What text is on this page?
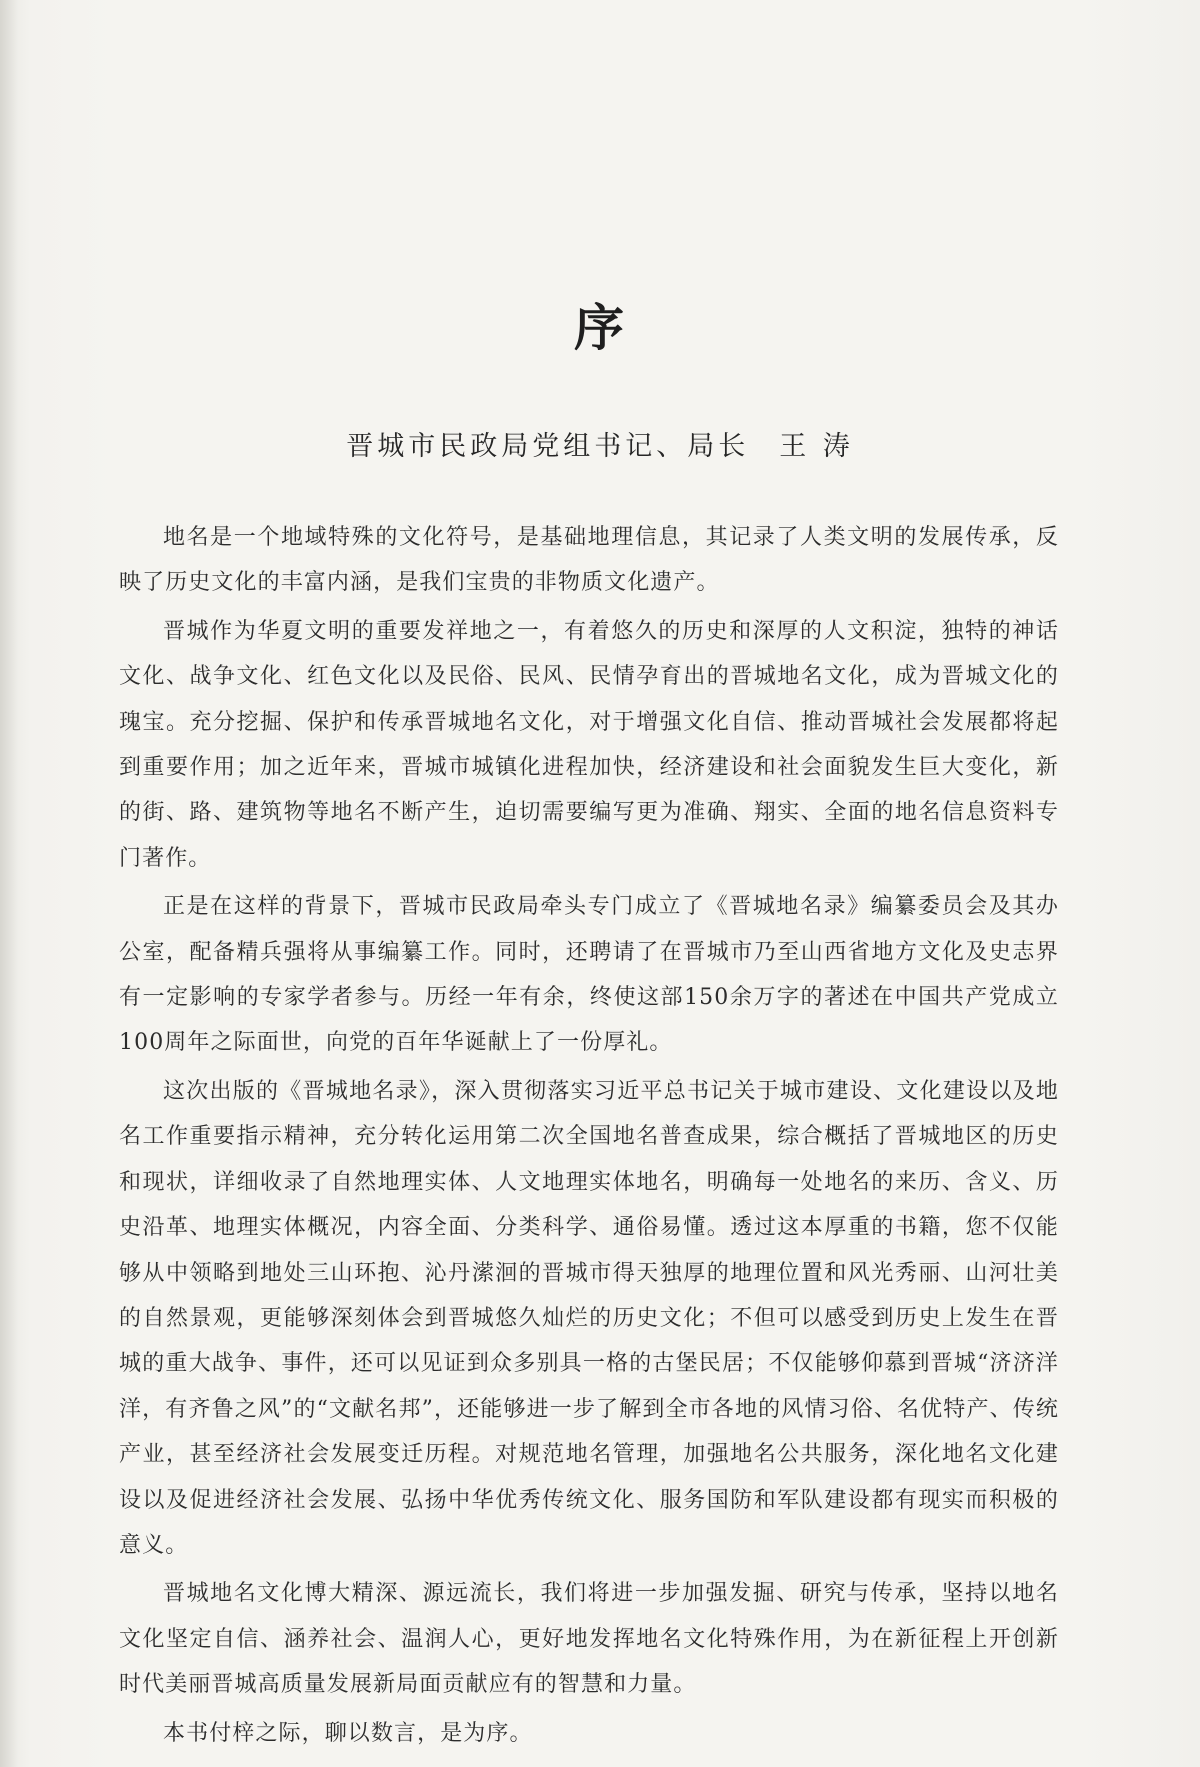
序
晋城市民政局党组书记、局长 王 涛

地名是一个地域特殊的文化符号，是基础地理信息，其记录了人类文明的发展传承，反映了历史文化的丰富内涵，是我们宝贵的非物质文化遗产。

晋城作为华夏文明的重要发祥地之一，有着悠久的历史和深厚的人文积淀，独特的神话文化、战争文化、红色文化以及民俗、民风、民情孕育出的晋城地名文化，成为晋城文化的瑰宝。充分挖掘、保护和传承晋城地名文化，对于增强文化自信、推动晋城社会发展都将起到重要作用；加之近年来，晋城市城镇化进程加快，经济建设和社会面貌发生巨大变化，新的街、路、建筑物等地名不断产生，迫切需要编写更为准确、翔实、全面的地名信息资料专门著作。

正是在这样的背景下，晋城市民政局牵头专门成立了《晋城地名录》编纂委员会及其办公室，配备精兵强将从事编纂工作。同时，还聘请了在晋城市乃至山西省地方文化及史志界有一定影响的专家学者参与。历经一年有余，终使这部150余万字的著述在中国共产党成立100周年之际面世，向党的百年华诞献上了一份厚礼。

这次出版的《晋城地名录》，深入贯彻落实习近平总书记关于城市建设、文化建设以及地名工作重要指示精神，充分转化运用第二次全国地名普查成果，综合概括了晋城地区的历史和现状，详细收录了自然地理实体、人文地理实体地名，明确每一处地名的来历、含义、历史沿革、地理实体概况，内容全面、分类科学、通俗易懂。透过这本厚重的书籍，您不仅能够从中领略到地处三山环抱、沁丹潆洄的晋城市得天独厚的地理位置和风光秀丽、山河壮美的自然景观，更能够深刻体会到晋城悠久灿烂的历史文化；不但可以感受到历史上发生在晋城的重大战争、事件，还可以见证到众多别具一格的古堡民居；不仅能够仰慕到晋城“济济洋洋，有齐鲁之风”的“文献名邦”，还能够进一步了解到全市各地的风情习俗、名优特产、传统产业，甚至经济社会发展变迁历程。对规范地名管理，加强地名公共服务，深化地名文化建设以及促进经济社会发展、弘扬中华优秀传统文化、服务国防和军队建设都有现实而积极的意义。

晋城地名文化博大精深、源远流长，我们将进一步加强发掘、研究与传承，坚持以地名文化坚定自信、涵养社会、温润人心，更好地发挥地名文化特殊作用，为在新征程上开创新时代美丽晋城高质量发展新局面贡献应有的智慧和力量。

本书付梓之际，聊以数言，是为序。
